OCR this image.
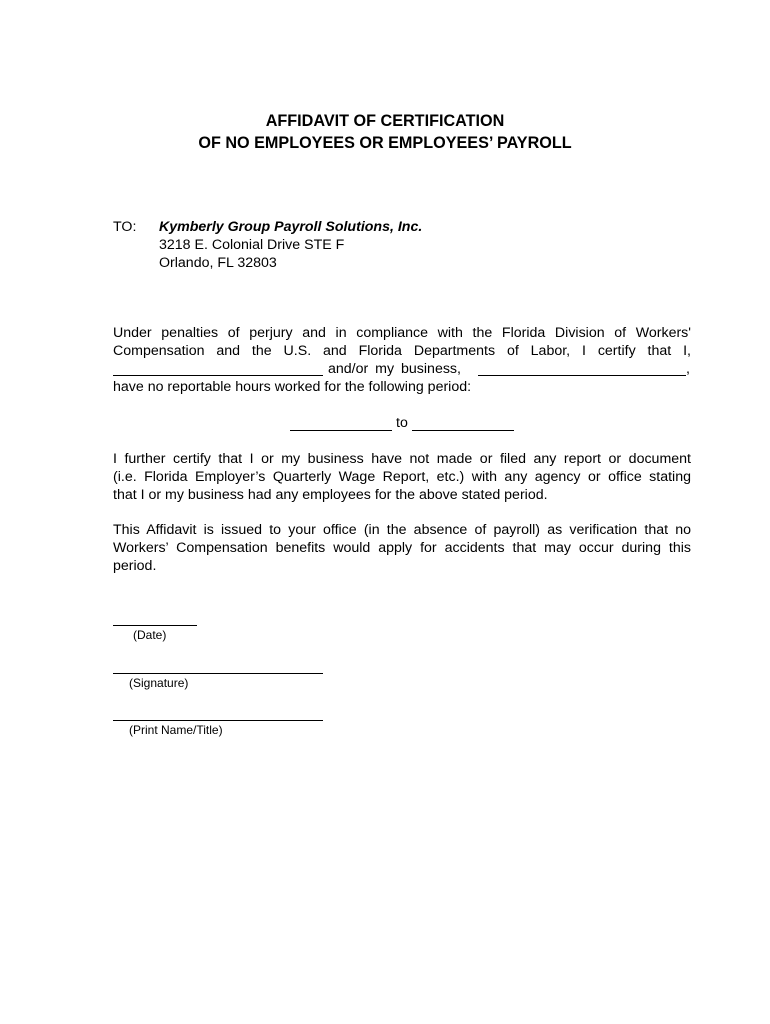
AFFIDAVIT OF CERTIFICATION
OF NO EMPLOYEES OR EMPLOYEES’ PAYROLL
TO: Kymberly Group Payroll Solutions, Inc.
3218 E. Colonial Drive STE F
Orlando, FL 32803
Under penalties of perjury and in compliance with the Florida Division of Workers'
Compensation and the U.S. and Florida Departments of Labor, I certify that I,
and/or my business,	,
have no reportable hours worked for the following period:
to
I further certify that I or my business have not made or filed any report or document
(i.e. Florida Employer’s Quarterly Wage Report, etc.) with any agency or office stating
that I or my business had any employees for the above stated period.
This Affidavit is issued to your office (in the absence of payroll) as verification that no
Workers’ Compensation benefits would apply for accidents that may occur during this
period.
(Date)
(Signature)
(Print Name/Title)
